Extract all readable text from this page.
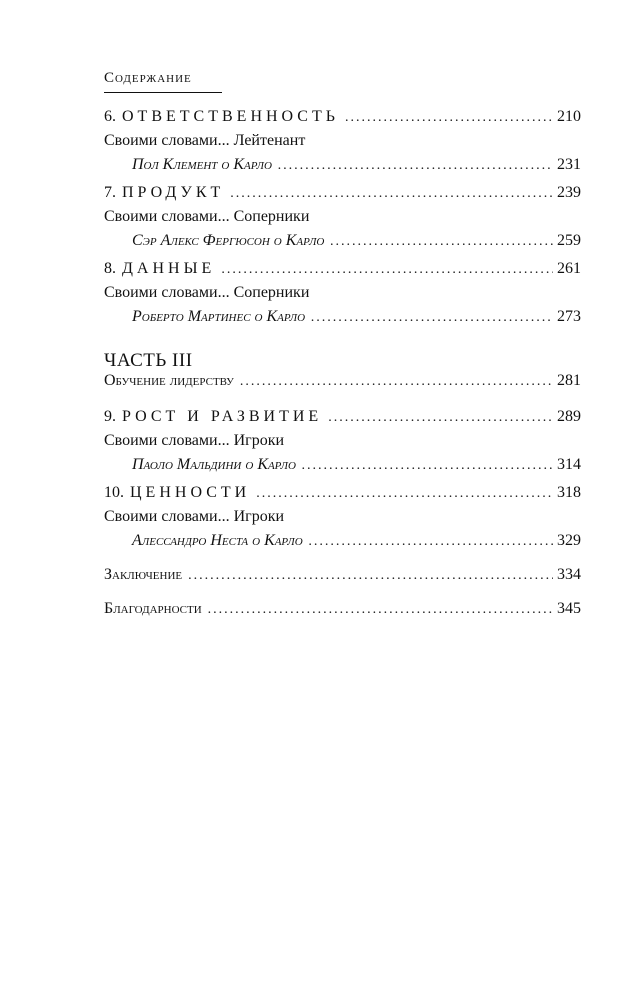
Содержание
6. ОТВЕТСТВЕННОСТЬ .....	210
Своими словами... Лейтенант
Пол Клемент о Карло .....	231
7. ПРОДУКТ .....	239
Своими словами... Соперники
Сэр Алекс Фергюсон о Карло .....	259
8. ДАННЫЕ .....	261
Своими словами... Соперники
Роберто Мартинес о Карло .....	273
ЧАСТЬ III
Обучение лидерству .....	281
9. РОСТ И РАЗВИТИЕ .....	289
Своими словами... Игроки
Паоло Мальдини о Карло .....	314
10. ЦЕННОСТИ .....	318
Своими словами... Игроки
Алессандро Неста о Карло .....	329
Заключение .....	334
Благодарности .....	345
